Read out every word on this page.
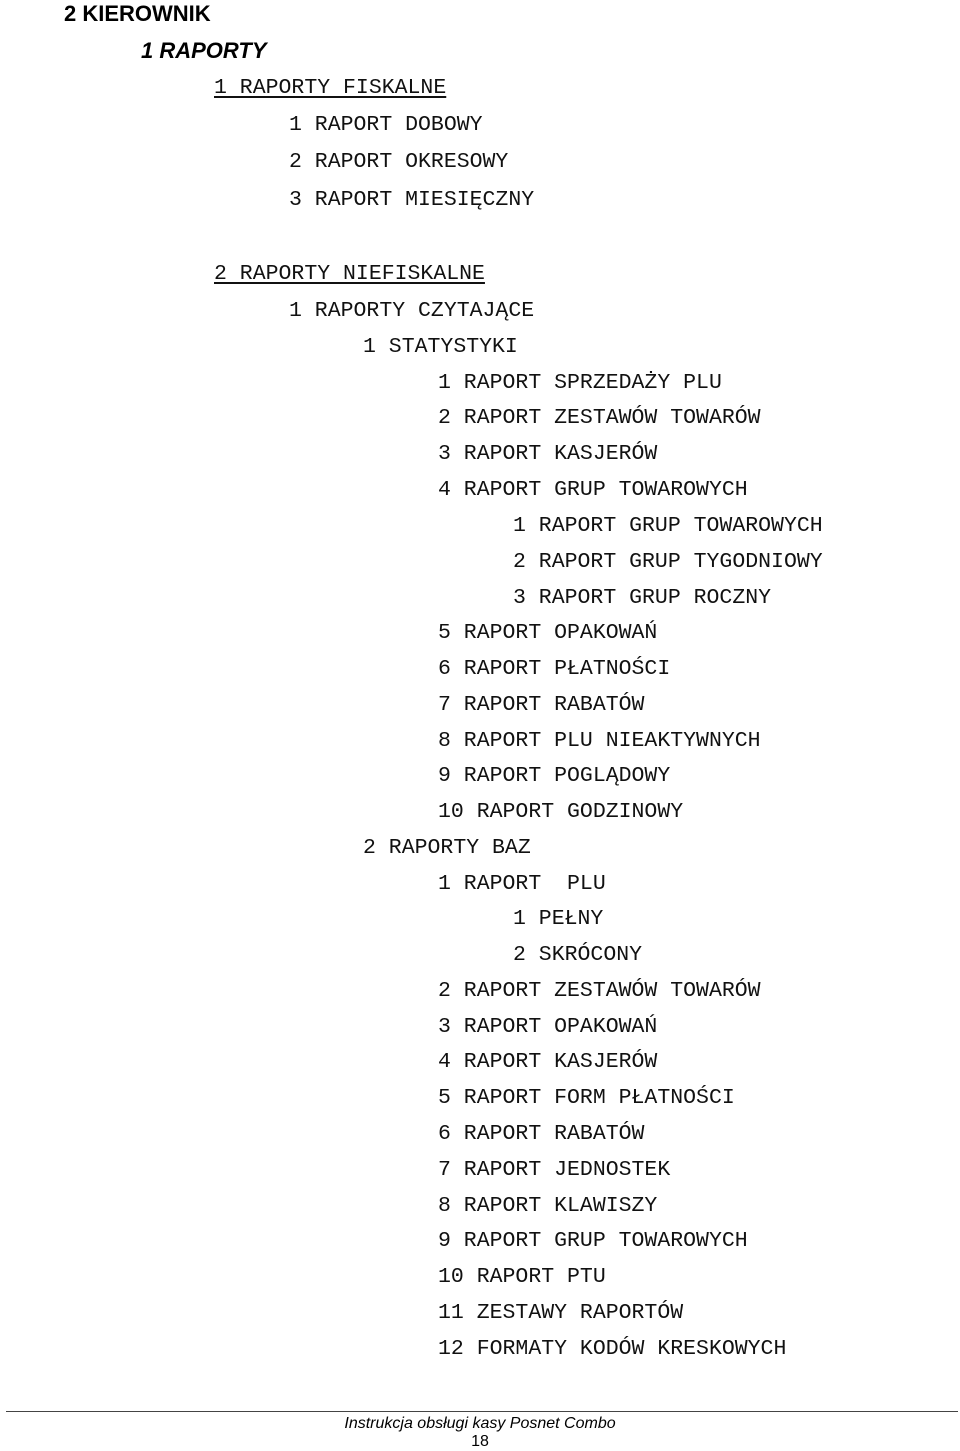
2 KIEROWNIK
1 RAPORTY
1 RAPORTY FISKALNE
1 RAPORT DOBOWY
2 RAPORT OKRESOWY
3 RAPORT MIESIĘCZNY
2 RAPORTY NIEFISKALNE
1 RAPORTY CZYTAJĄCE
1 STATYSTYKI
1 RAPORT SPRZEDAŻY PLU
2 RAPORT ZESTAWÓW TOWARÓW
3 RAPORT KASJERÓW
4 RAPORT GRUP TOWAROWYCH
1 RAPORT GRUP TOWAROWYCH
2 RAPORT GRUP TYGODNIOWY
3 RAPORT GRUP ROCZNY
5 RAPORT OPAKOWAŃ
6 RAPORT PŁATNOŚCI
7 RAPORT RABATÓW
8 RAPORT PLU NIEAKTYWNYCH
9 RAPORT POGLĄDOWY
10 RAPORT GODZINOWY
2 RAPORTY BAZ
1 RAPORT  PLU
1 PEŁNY
2 SKRÓCONY
2 RAPORT ZESTAWÓW TOWARÓW
3 RAPORT OPAKOWAŃ
4 RAPORT KASJERÓW
5 RAPORT FORM PŁATNOŚCI
6 RAPORT RABATÓW
7 RAPORT JEDNOSTEK
8 RAPORT KLAWISZY
9 RAPORT GRUP TOWAROWYCH
10 RAPORT PTU
11 ZESTAWY RAPORTÓW
12 FORMATY KODÓW KRESKOWYCH
Instrukcja obsługi kasy Posnet Combo
18
